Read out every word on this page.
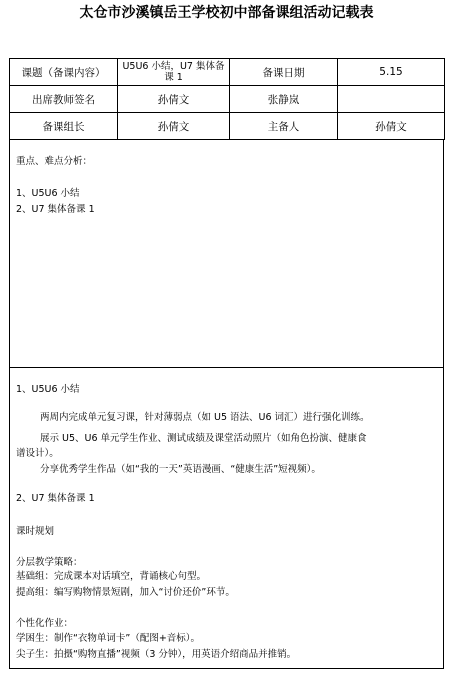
太仓市沙溪镇岳王学校初中部备课组活动记载表
课题（备课内容）	U5U6 小结，U7 集体备课 1	备课日期	5.15
出席教师签名	孙倩文	张静岚	
备课组长	孙倩文	主备人	孙倩文
重点、难点分析：
1、U5U6 小结
2、U7 集体备课 1
1、U5U6 小结
两周内完成单元复习课，针对薄弱点（如 U5 语法、U6 词汇）进行强化训练。
展示 U5、U6 单元学生作业、测试成绩及课堂活动照片（如角色扮演、健康食
谱设计）。
分享优秀学生作品（如“我的一天”英语漫画、“健康生活”短视频）。
2、U7 集体备课 1
课时规划
分层教学策略：
基础组：完成课本对话填空，背诵核心句型。
提高组：编写购物情景短剧，加入“讨价还价”环节。
个性化作业：
学困生：制作“衣物单词卡”（配图+音标）。
尖子生：拍摄“购物直播”视频（3 分钟），用英语介绍商品并推销。
